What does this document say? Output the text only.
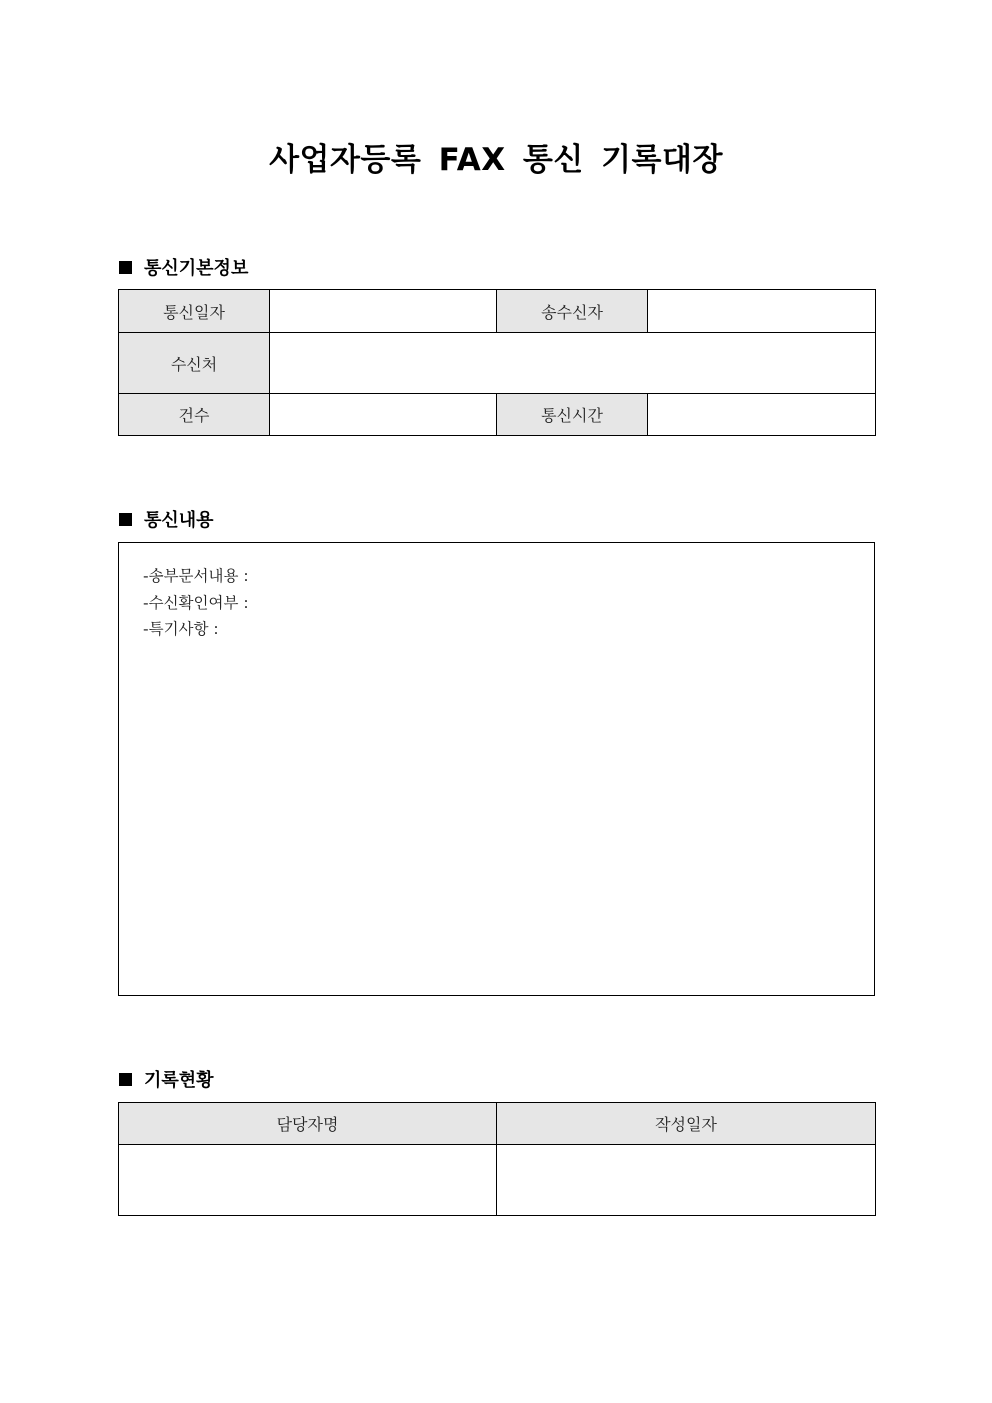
사업자등록 FAX 통신 기록대장
통신기본정보
통신일자		송수신자	
수신처			
건수		통신시간	
통신내용
-송부문서내용 :
-수신확인여부 :
-특기사항 :
기록현황
담당자명	작성일자
